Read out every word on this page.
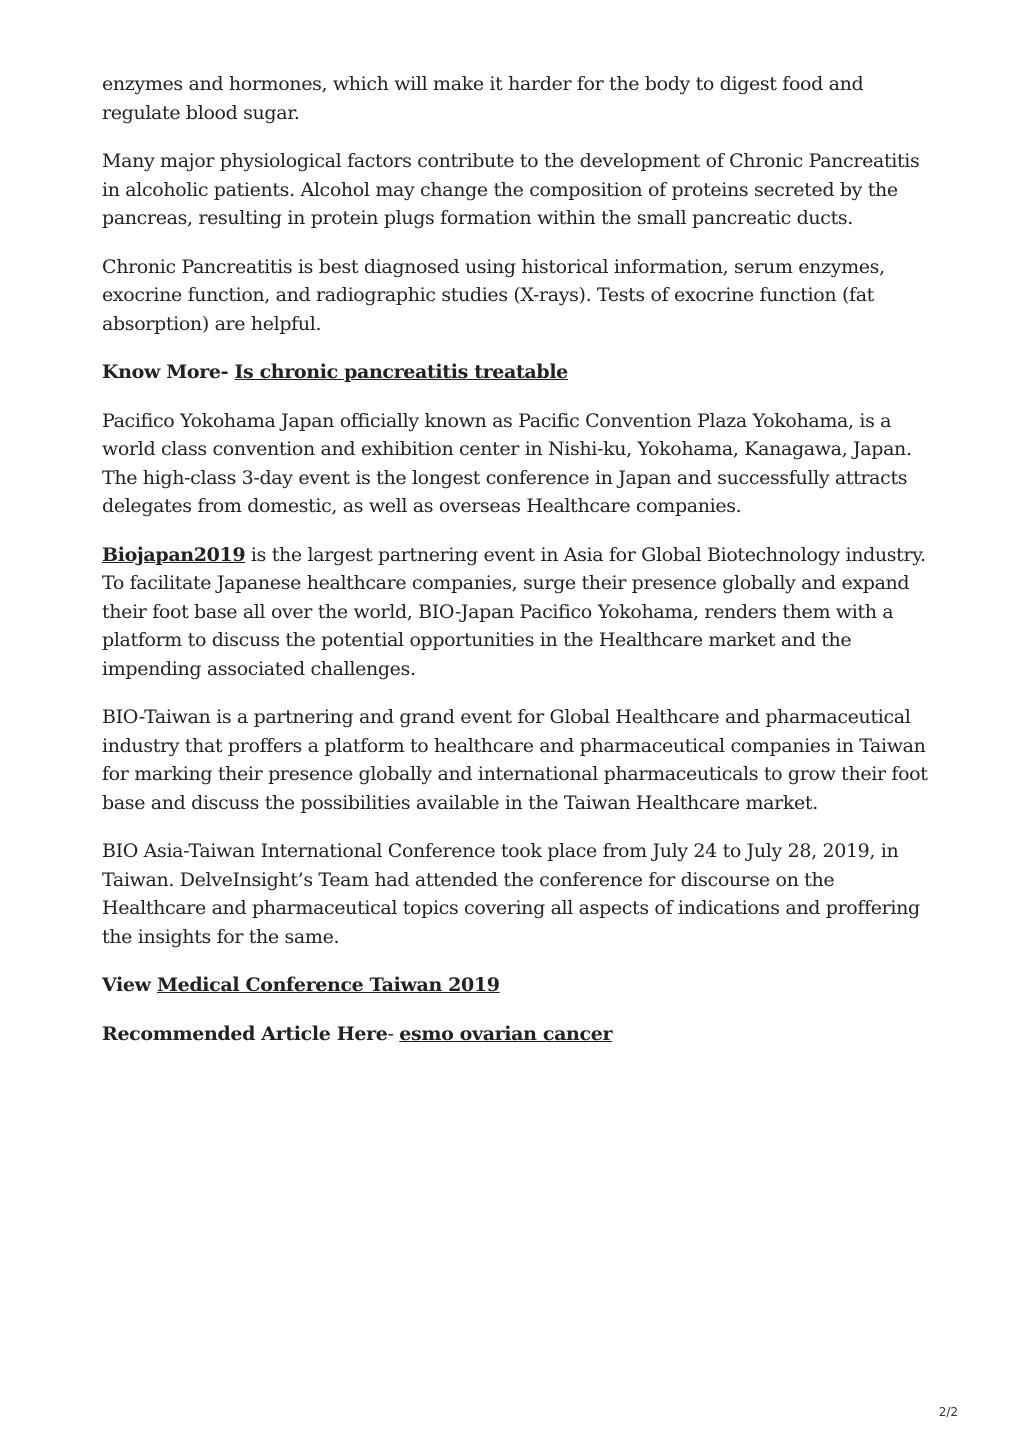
enzymes and hormones, which will make it harder for the body to digest food and regulate blood sugar.

Many major physiological factors contribute to the development of Chronic Pancreatitis in alcoholic patients. Alcohol may change the composition of proteins secreted by the pancreas, resulting in protein plugs formation within the small pancreatic ducts.

Chronic Pancreatitis is best diagnosed using historical information, serum enzymes, exocrine function, and radiographic studies (X-rays). Tests of exocrine function (fat absorption) are helpful.

Know More- Is chronic pancreatitis treatable

Pacifico Yokohama Japan officially known as Pacific Convention Plaza Yokohama, is a world class convention and exhibition center in Nishi-ku, Yokohama, Kanagawa, Japan. The high-class 3-day event is the longest conference in Japan and successfully attracts delegates from domestic, as well as overseas Healthcare companies.

Biojapan2019 is the largest partnering event in Asia for Global Biotechnology industry. To facilitate Japanese healthcare companies, surge their presence globally and expand their foot base all over the world, BIO-Japan Pacifico Yokohama, renders them with a platform to discuss the potential opportunities in the Healthcare market and the impending associated challenges.

BIO-Taiwan is a partnering and grand event for Global Healthcare and pharmaceutical industry that proffers a platform to healthcare and pharmaceutical companies in Taiwan for marking their presence globally and international pharmaceuticals to grow their foot base and discuss the possibilities available in the Taiwan Healthcare market.

BIO Asia-Taiwan International Conference took place from July 24 to July 28, 2019, in Taiwan. DelveInsight’s Team had attended the conference for discourse on the Healthcare and pharmaceutical topics covering all aspects of indications and proffering the insights for the same.

View Medical Conference Taiwan 2019

Recommended Article Here- esmo ovarian cancer

2/2
